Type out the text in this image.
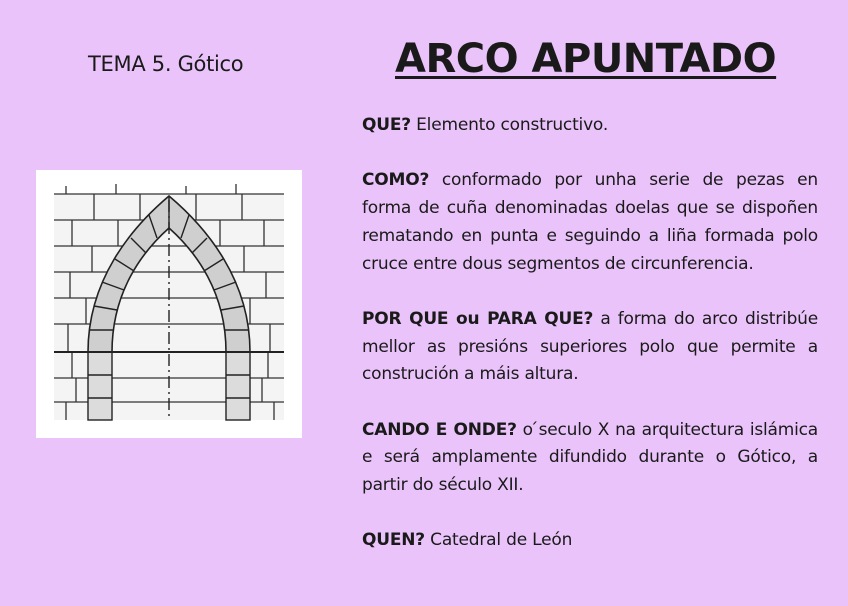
TEMA 5. Gótico	ARCO APUNTADO

QUE? Elemento constructivo.

COMO? conformado por unha serie de pezas en forma de cuña denominadas doelas que se dispoñen rematando en punta e seguindo a liña formada polo cruce entre dous segmentos de circunferencia.

POR QUE ou PARA QUE? a forma do arco distribúe mellor as presións superiores polo que permite a construción a máis altura.

CANDO E ONDE? o ́seculo X na arquitectura islámica e será amplamente difundido durante o Gótico, a partir do século XII.

QUEN? Catedral de León
